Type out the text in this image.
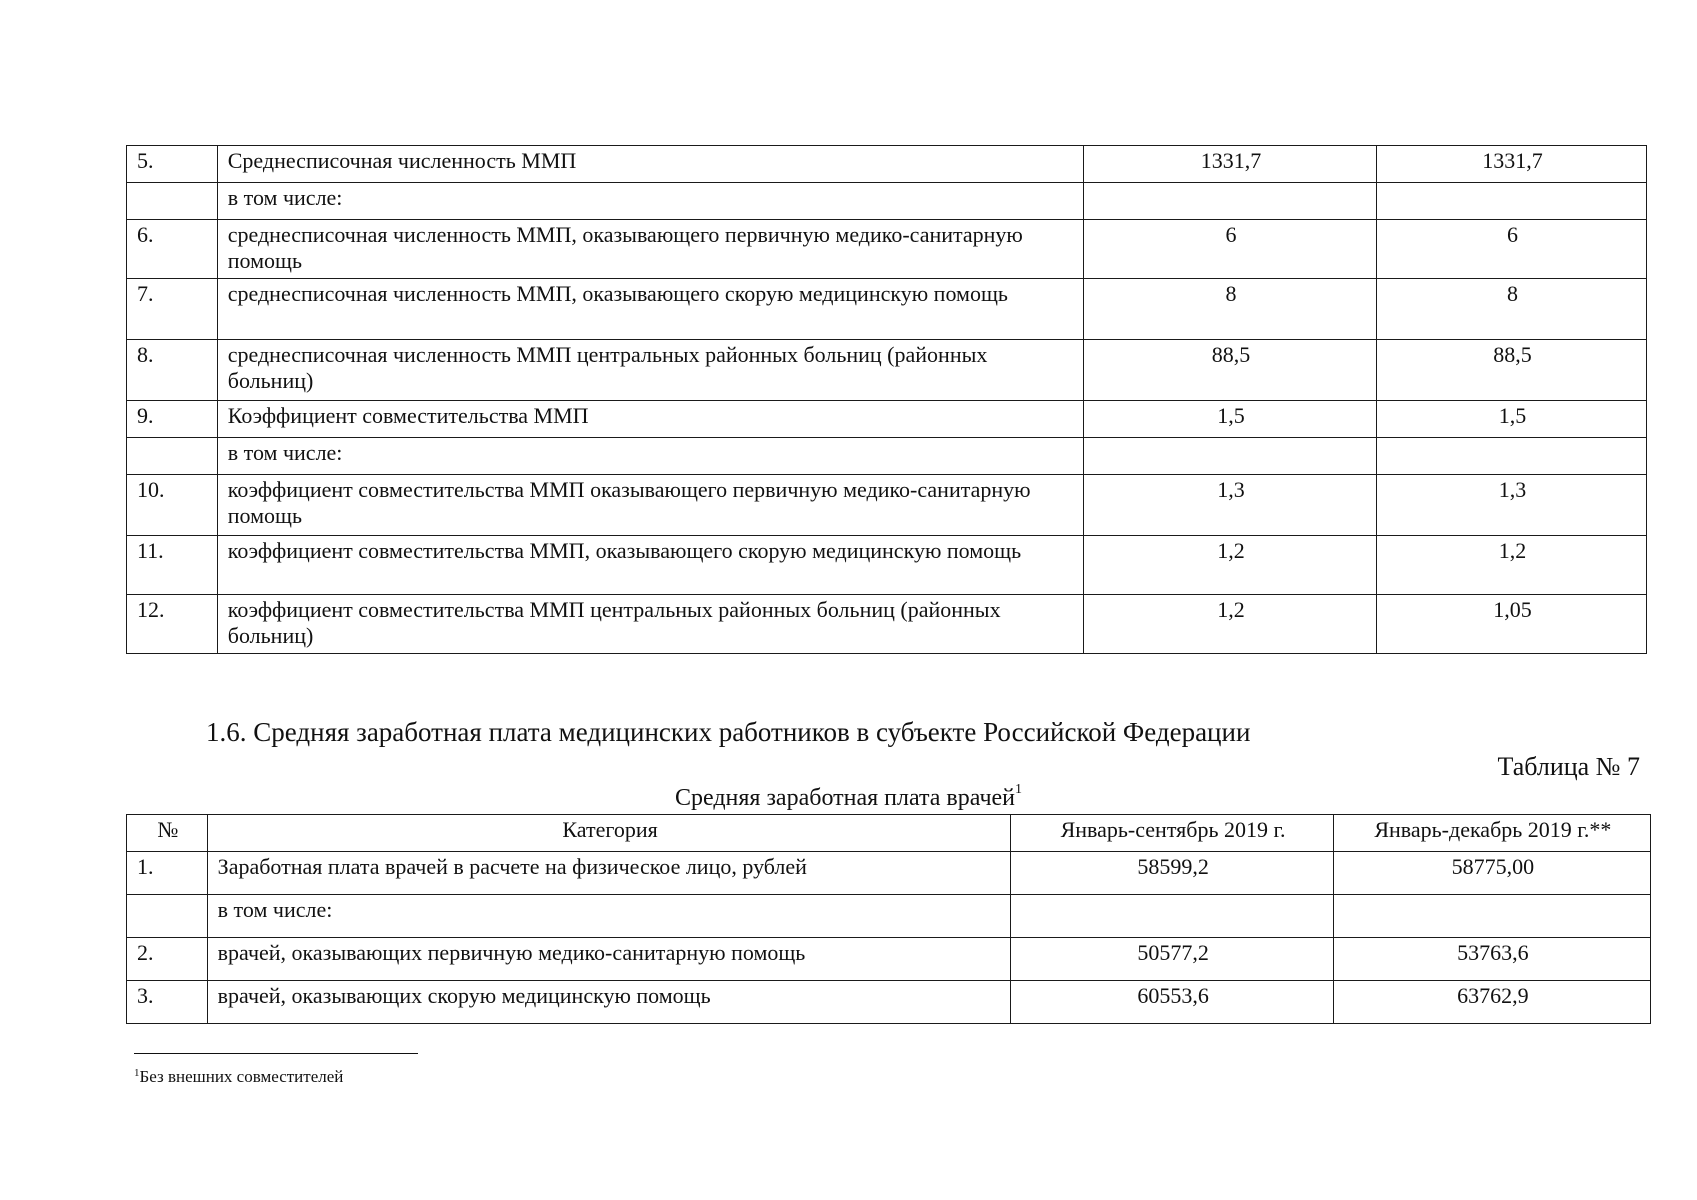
5.	Среднесписочная численность ММП	1331,7	1331,7
	в том числе:		
6.	среднесписочная численность ММП, оказывающего первичную медико-санитарную помощь	6	6
7.	среднесписочная численность ММП, оказывающего скорую медицинскую помощь	8	8
8.	среднесписочная численность ММП центральных районных больниц (районных больниц)	88,5	88,5
9.	Коэффициент совместительства ММП	1,5	1,5
	в том числе:		
10.	коэффициент совместительства ММП оказывающего первичную медико-санитарную помощь	1,3	1,3
11.	коэффициент совместительства ММП, оказывающего скорую медицинскую помощь	1,2	1,2
12.	коэффициент совместительства ММП центральных районных больниц (районных больниц)	1,2	1,05
1.6. Средняя заработная плата медицинских работников в субъекте Российской Федерации
Таблица № 7
Средняя заработная плата врачей$^1$
№	Категория	Январь-сентябрь 2019 г.	Январь-декабрь 2019 г.**
1.	Заработная плата врачей в расчете на физическое лицо, рублей	58599,2	58775,00
	в том числе:		
2.	врачей, оказывающих первичную медико-санитарную помощь	50577,2	53763,6
3.	врачей, оказывающих скорую медицинскую помощь	60553,6	63762,9
$^1$Без внешних совместителей
